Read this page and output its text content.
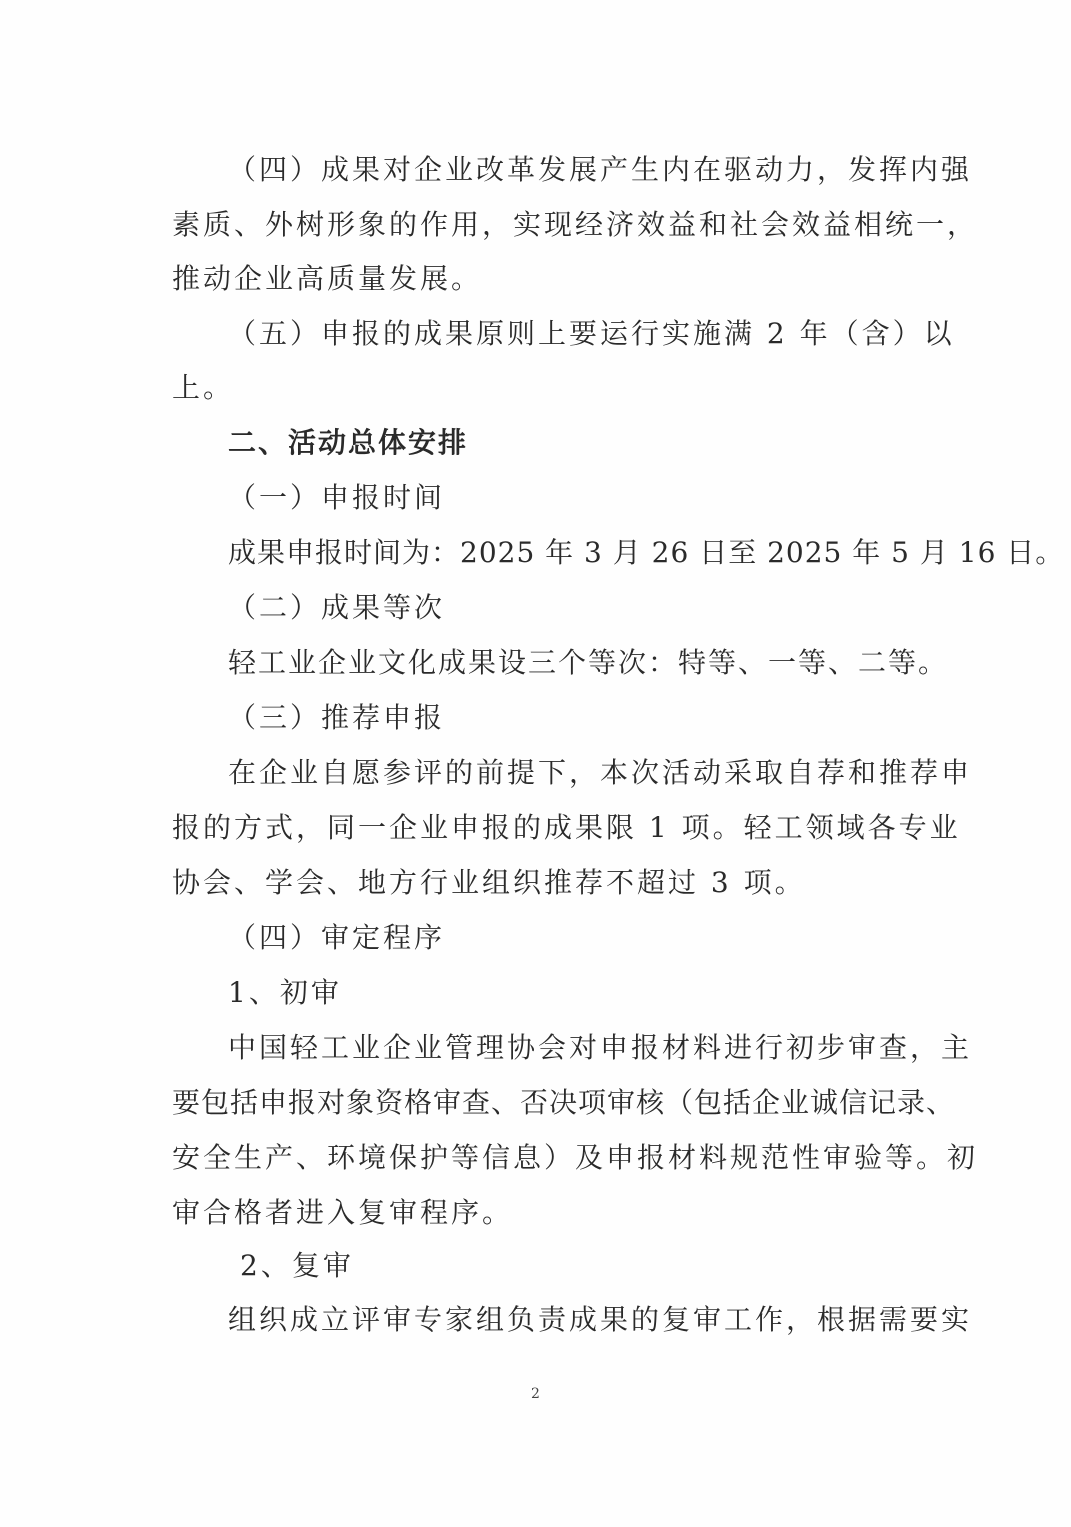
（四）成果对企业改革发展产生内在驱动力，发挥内强
素质、外树形象的作用，实现经济效益和社会效益相统一，
推动企业高质量发展。
（五）申报的成果原则上要运行实施满 2 年（含）以
上。
二、活动总体安排
（一）申报时间
成果申报时间为：2025 年 3 月 26 日至 2025 年 5 月 16 日。
（二）成果等次
轻工业企业文化成果设三个等次：特等、一等、二等。
（三）推荐申报
在企业自愿参评的前提下，本次活动采取自荐和推荐申
报的方式，同一企业申报的成果限 1 项。轻工领域各专业
协会、学会、地方行业组织推荐不超过 3 项。
（四）审定程序
1、初审
中国轻工业企业管理协会对申报材料进行初步审查，主
要包括申报对象资格审查、否决项审核（包括企业诚信记录、
安全生产、环境保护等信息）及申报材料规范性审验等。初
审合格者进入复审程序。
2、复审
组织成立评审专家组负责成果的复审工作，根据需要实
2
